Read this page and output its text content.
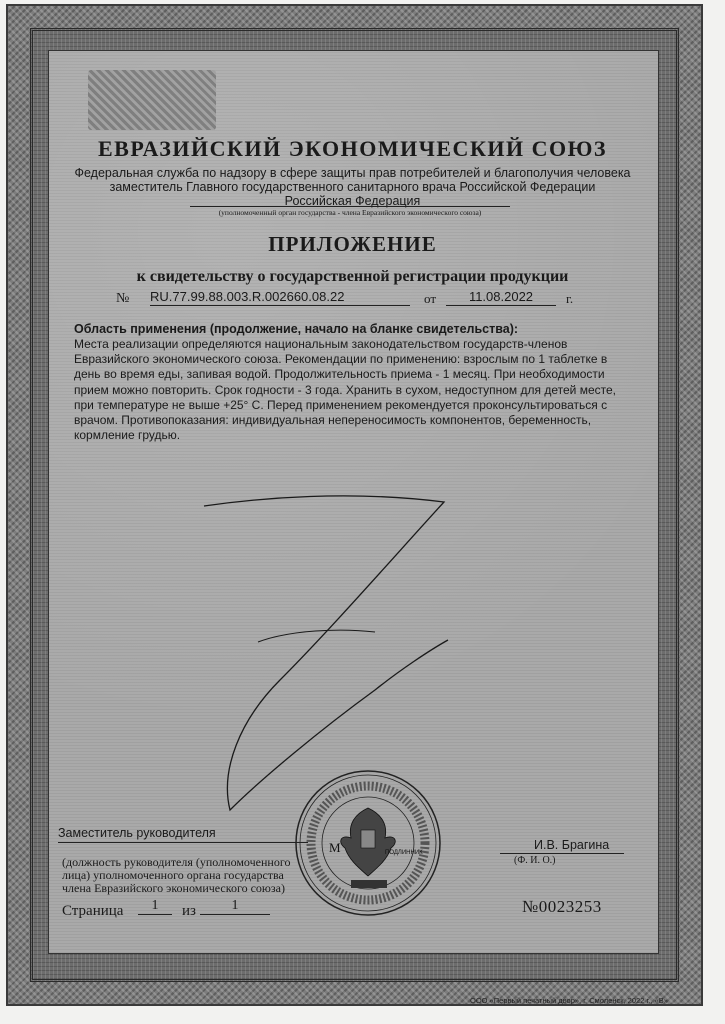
ЕВРАЗИЙСКИЙ ЭКОНОМИЧЕСКИЙ СОЮЗ
Федеральная служба по надзору в сфере защиты прав потребителей и благополучия человека
заместитель Главного государственного санитарного врача Российской Федерации
Российская Федерация
(уполномоченный орган государства - члена Евразийского экономического союза)
ПРИЛОЖЕНИЕ
к свидетельству о государственной регистрации продукции
№ RU.77.99.88.003.R.002660.08.22	от	11.08.2022	г.
Область применения (продолжение, начало на бланке свидетельства):
Места реализации определяются национальным законодательством государств-членов Евразийского экономического союза. Рекомендации по применению: взрослым по 1 таблетке в день во время еды, запивая водой. Продолжительность приема - 1 месяц. При необходимости прием можно повторить. Срок годности - 3 года. Хранить в сухом, недоступном для детей месте, при температуре не выше +25° С. Перед применением рекомендуется проконсультироваться с врачом. Противопоказания: индивидуальная непереносимость компонентов, беременность, кормление грудью.
Заместитель руководителя
И.В. Брагина
(Ф. И. О.)
(должность руководителя (уполномоченного лица) уполномоченного органа государства члена Евразийского экономического союза)
М	ПОДЛИННИК
Страница	1	из	1	№0023253
ООО «Первый печатный двор», г. Смоленск, 2022 г., «В»
